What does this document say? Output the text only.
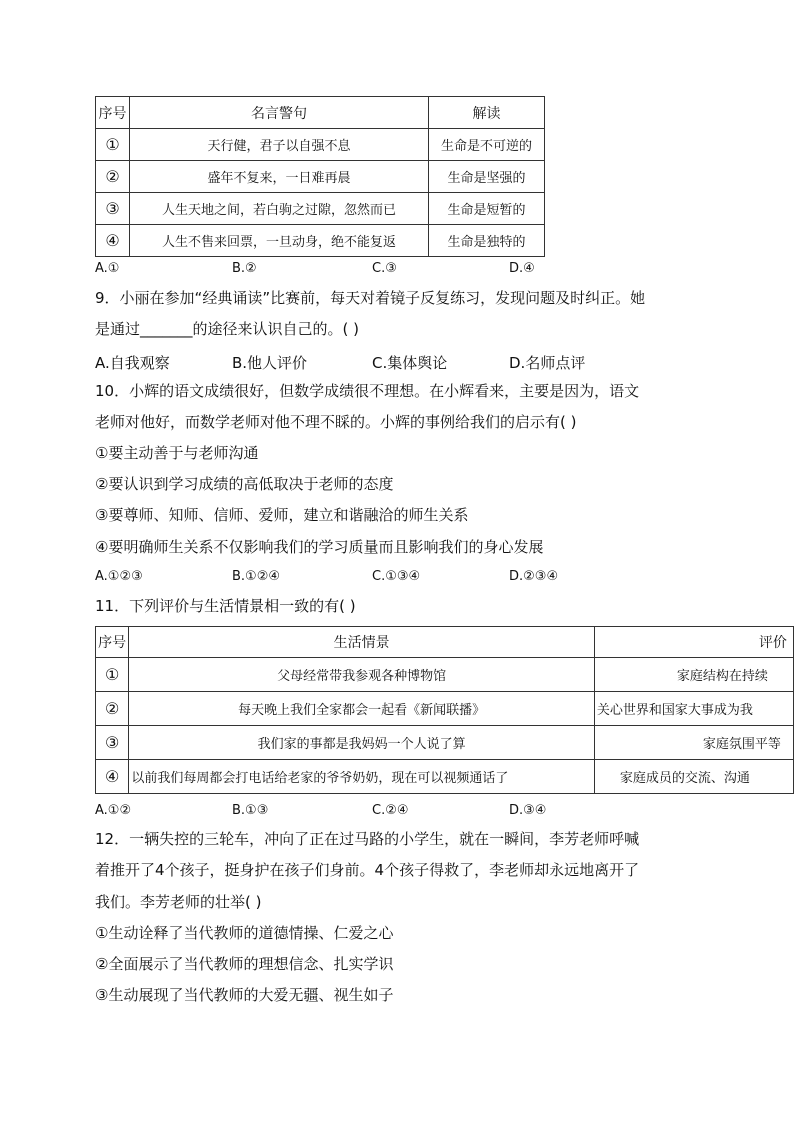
序号	名言警句	解读
①	天行健，君子以自强不息	生命是不可逆的
②	盛年不复来，一日难再晨	生命是坚强的
③	人生天地之间，若白驹之过隙，忽然而已	生命是短暂的
④	人生不售来回票，一旦动身，绝不能复返	生命是独特的
A.①	B.②	C.③	D.④
9．小丽在参加“经典诵读”比赛前，每天对着镜子反复练习，发现问题及时纠正。她
是通过_______的途径来认识自己的。( )
A.自我观察	B.他人评价	C.集体舆论	D.名师点评
10．小辉的语文成绩很好，但数学成绩很不理想。在小辉看来，主要是因为，语文
老师对他好，而数学老师对他不理不睬的。小辉的事例给我们的启示有( )
①要主动善于与老师沟通
②要认识到学习成绩的高低取决于老师的态度
③要尊师、知师、信师、爱师，建立和谐融洽的师生关系
④要明确师生关系不仅影响我们的学习质量而且影响我们的身心发展
A.①②③	B.①②④	C.①③④	D.②③④
11．下列评价与生活情景相一致的有( )
序号	生活情景	评价
①	父母经常带我参观各种博物馆	家庭结构在持续
②	每天晚上我们全家都会一起看《新闻联播》	关心世界和国家大事成为我
③	我们家的事都是我妈妈一个人说了算	家庭氛围平等
④	以前我们每周都会打电话给老家的爷爷奶奶，现在可以视频通话了	家庭成员的交流、沟通
A.①②	B.①③	C.②④	D.③④
12．一辆失控的三轮车，冲向了正在过马路的小学生，就在一瞬间，李芳老师呼喊
着推开了4个孩子，挺身护在孩子们身前。4个孩子得救了，李老师却永远地离开了
我们。李芳老师的壮举( )
①生动诠释了当代教师的道德情操、仁爱之心
②全面展示了当代教师的理想信念、扎实学识
③生动展现了当代教师的大爱无疆、视生如子
